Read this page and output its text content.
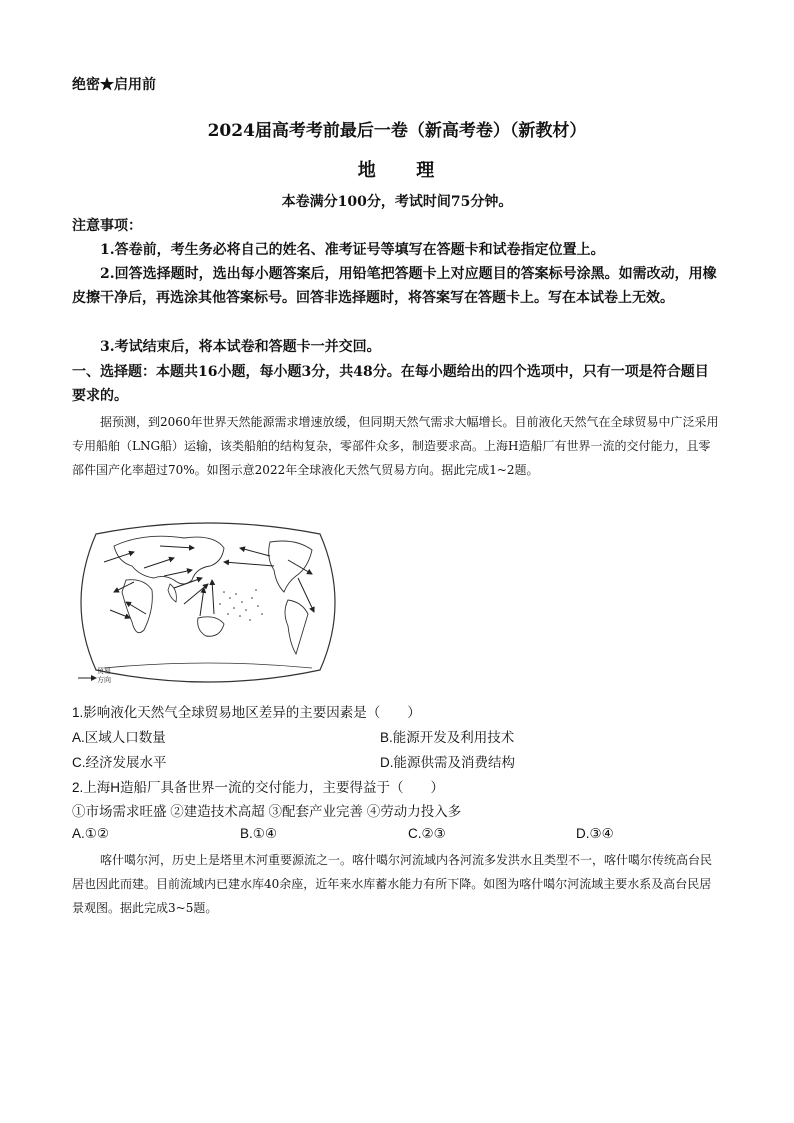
绝密★启用前
2024届高考考前最后一卷（新高考卷）（新教材）
地 理
本卷满分100分，考试时间75分钟。
注意事项：
1.答卷前，考生务必将自己的姓名、准考证号等填写在答题卡和试卷指定位置上。
2.回答选择题时，选出每小题答案后，用铅笔把答题卡上对应题目的答案标号涂黑。如需改动，用橡皮擦干净后，再选涂其他答案标号。回答非选择题时，将答案写在答题卡上。写在本试卷上无效。
3.考试结束后，将本试卷和答题卡一并交回。
一、选择题：本题共16小题，每小题3分，共48分。在每小题给出的四个选项中，只有一项是符合题目要求的。
据预测，到2060年世界天然能源需求增速放缓，但同期天然气需求大幅增长。目前液化天然气在全球贸易中广泛采用专用船舶（LNG船）运输，该类船舶的结构复杂，零部件众多，制造要求高。上海H造船厂有世界一流的交付能力，且零部件国产化率超过70%。如图示意2022年全球液化天然气贸易方向。据此完成1~2题。
贸易
方向
1.影响液化天然气全球贸易地区差异的主要因素是（　　）
A.区域人口数量	B.能源开发及利用技术
C.经济发展水平	D.能源供需及消费结构
2.上海H造船厂具备世界一流的交付能力，主要得益于（　　）
①市场需求旺盛 ②建造技术高超 ③配套产业完善 ④劳动力投入多
A.①②	B.①④	C.②③	D.③④
喀什噶尔河，历史上是塔里木河重要源流之一。喀什噶尔河流域内各河流多发洪水且类型不一，喀什噶尔传统高台民居也因此而建。目前流域内已建水库40余座，近年来水库蓄水能力有所下降。如图为喀什噶尔河流域主要水系及高台民居景观图。据此完成3~5题。
